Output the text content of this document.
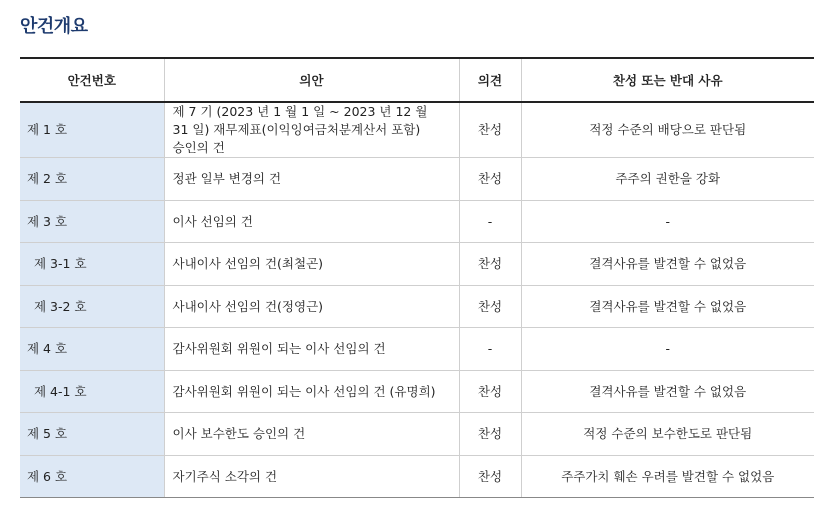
안건개요
안건번호	의안	의견	찬성 또는 반대 사유
제 1 호	제 7 기 (2023 년 1 월 1 일 ~ 2023 년 12 월
31 일) 재무제표(이익잉여금처분계산서 포함)
승인의 건	찬성	적정 수준의 배당으로 판단됨
제 2 호	정관 일부 변경의 건	찬성	주주의 권한을 강화
제 3 호	이사 선임의 건	-	-
제 3-1 호	사내이사 선임의 건(최철곤)	찬성	결격사유를 발견할 수 없었음
제 3-2 호	사내이사 선임의 건(정영근)	찬성	결격사유를 발견할 수 없었음
제 4 호	감사위원회 위원이 되는 이사 선임의 건	-	-
제 4-1 호	감사위원회 위원이 되는 이사 선임의 건 (유명희)	찬성	결격사유를 발견할 수 없었음
제 5 호	이사 보수한도 승인의 건	찬성	적정 수준의 보수한도로 판단됨
제 6 호	자기주식 소각의 건	찬성	주주가치 훼손 우려를 발견할 수 없었음
